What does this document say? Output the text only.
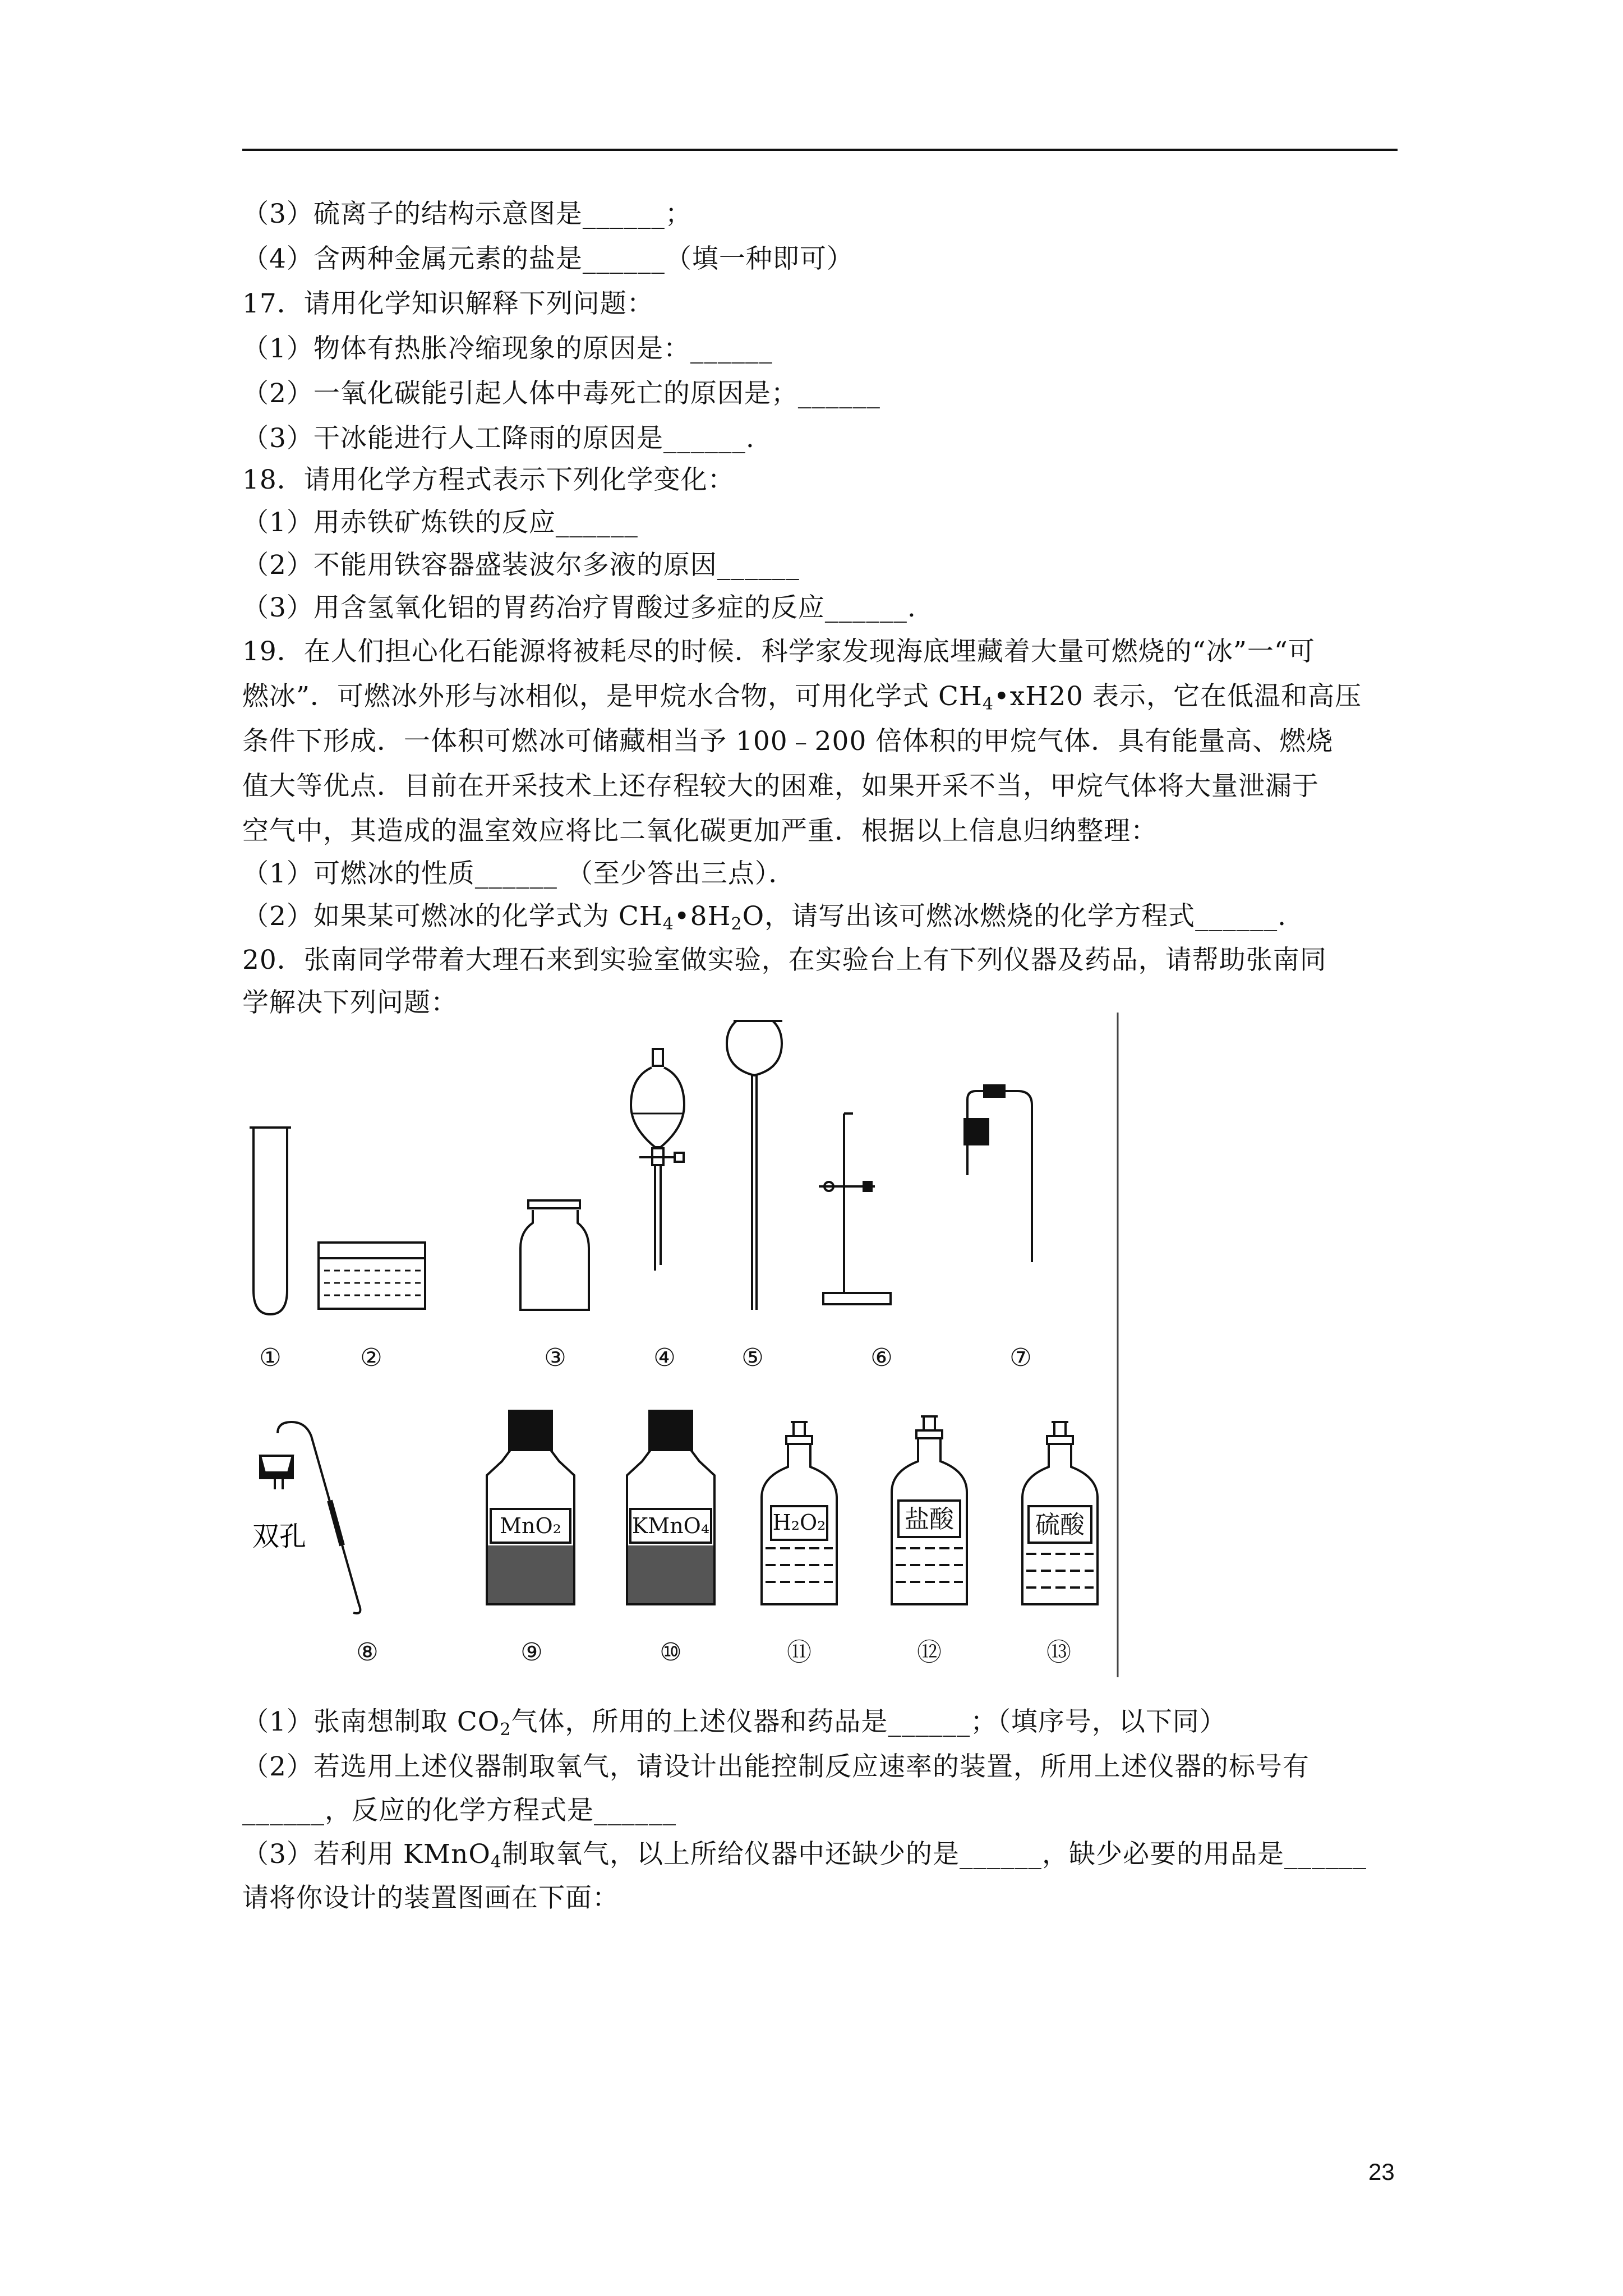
（3）硫离子的结构示意图是______；
（4）含两种金属元素的盐是______（填一种即可）
17．请用化学知识解释下列问题：
（1）物体有热胀冷缩现象的原因是：______
（2）一氧化碳能引起人体中毒死亡的原因是；______
（3）干冰能进行人工降雨的原因是______.
18．请用化学方程式表示下列化学变化：
（1）用赤铁矿炼铁的反应______
（2）不能用铁容器盛装波尔多液的原因______
（3）用含氢氧化铝的胃药冶疗胃酸过多症的反应______.
19．在人们担心化石能源将被耗尽的时候．科学家发现海底埋藏着大量可燃烧的“冰”一“可
燃冰”．可燃冰外形与冰相似，是甲烷水合物，可用化学式 $CH_4•xH20$ 表示，它在低温和高压
条件下形成．一体积可燃冰可储藏相当予 100﹣200 倍体积的甲烷气体．具有能量高、燃烧
值大等优点．目前在开采技术上还存程较大的困难，如果开采不当，甲烷气体将大量泄漏于
空气中，其造成的温室效应将比二氧化碳更加严重．根据以上信息归纳整理：
（1）可燃冰的性质______ （至少答出三点）．
（2）如果某可燃冰的化学式为 $CH_4•8H_2O$，请写出该可燃冰燃烧的化学方程式______.
20．张南同学带着大理石来到实验室做实验，在实验台上有下列仪器及药品，请帮助张南同
学解决下列问题：
双孔	MnO₂	KMnO₄	H₂O₂	盐酸	硫酸
①	②	③	④	⑤	⑥	⑦
⑧	⑨	⑩	⑪	⑫	⑬
（1）张南想制取 $CO_2$气体，所用的上述仪器和药品是______；（填序号，以下同）
（2）若选用上述仪器制取氧气，请设计出能控制反应速率的装置，所用上述仪器的标号有
______，反应的化学方程式是______
（3）若利用 KMnO$_4$制取氧气，以上所给仪器中还缺少的是______，缺少必要的用品是______
请将你设计的装置图画在下面：
23
